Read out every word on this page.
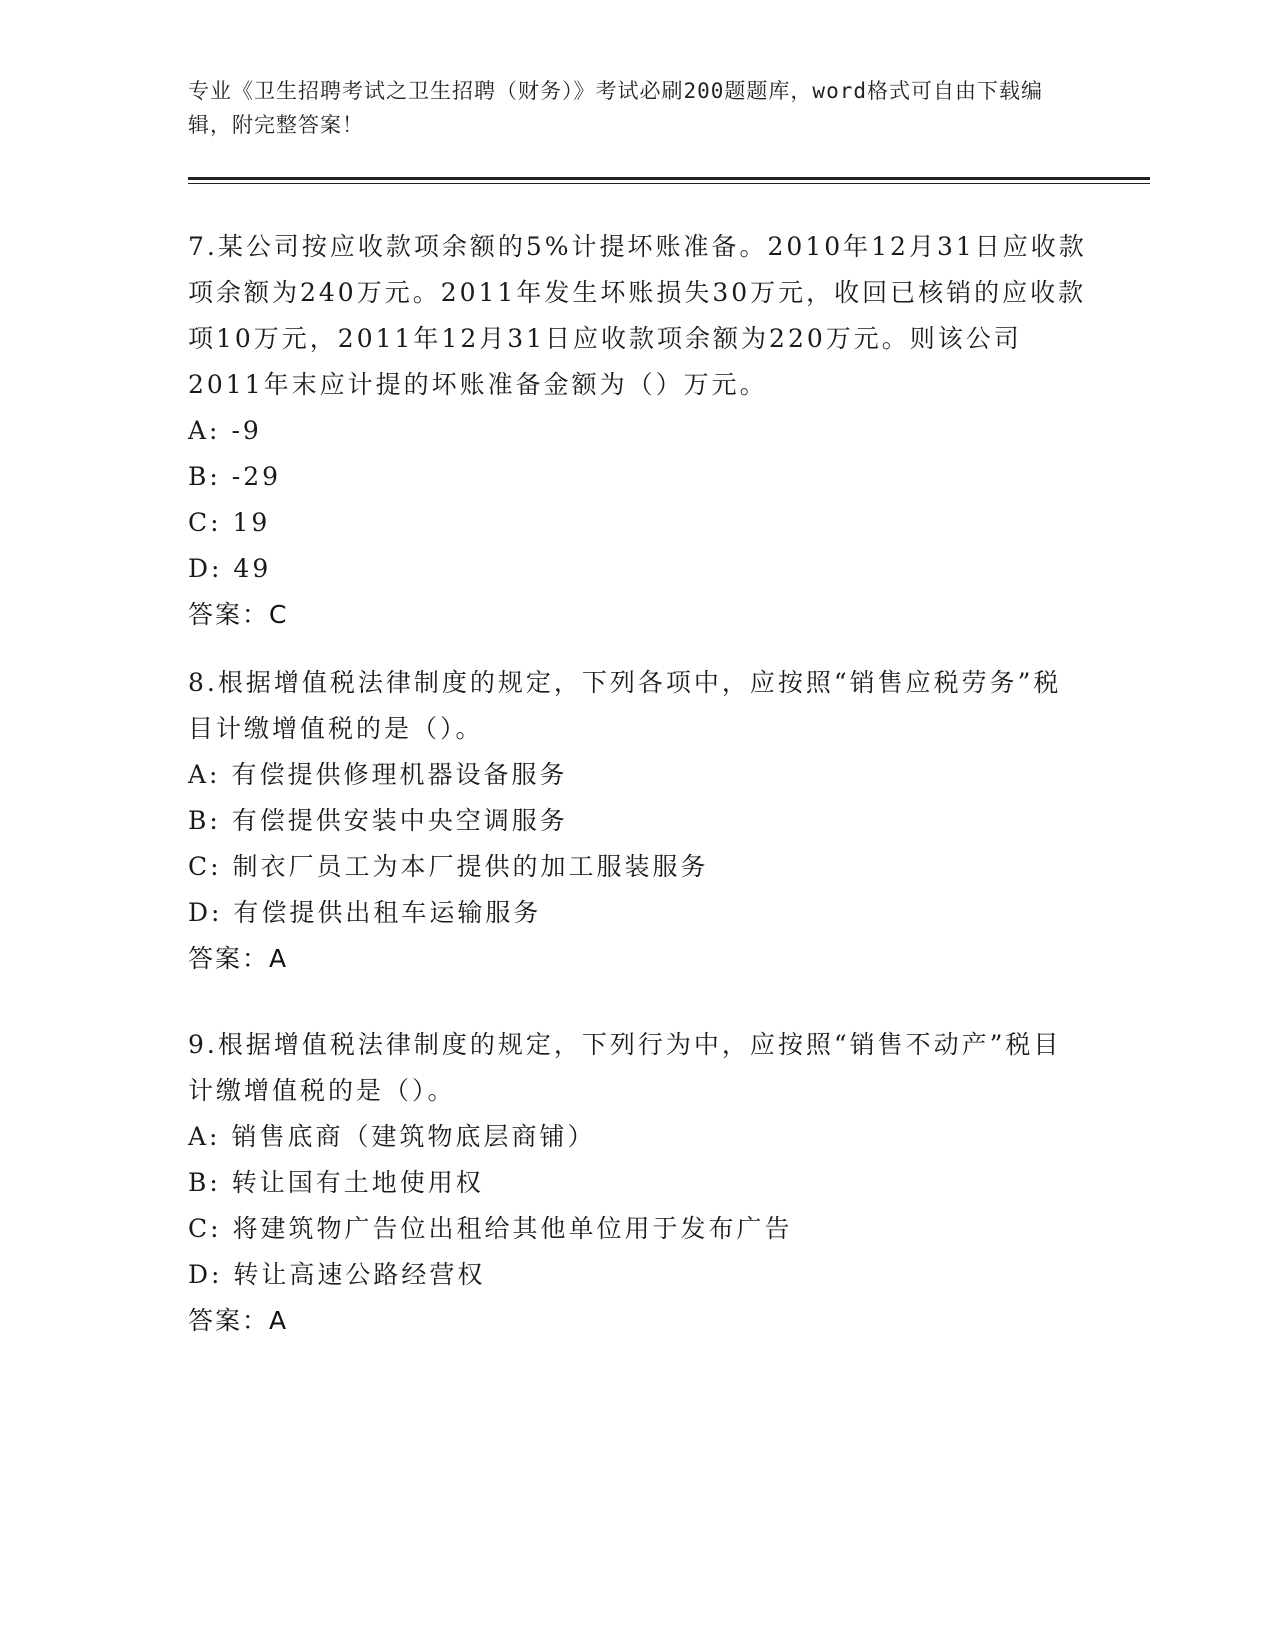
专业《卫生招聘考试之卫生招聘（财务）》考试必刷200题题库，word格式可自由下载编辑，附完整答案！

7.某公司按应收款项余额的5%计提坏账准备。2010年12月31日应收款项余额为240万元。2011年发生坏账损失30万元，收回已核销的应收款项10万元，2011年12月31日应收款项余额为220万元。则该公司2011年末应计提的坏账准备金额为（）万元。

A: -9

B: -29

C: 19

D: 49

答案：C

8.根据增值税法律制度的规定，下列各项中，应按照“销售应税劳务”税目计缴增值税的是（）。

A: 有偿提供修理机器设备服务

B: 有偿提供安装中央空调服务

C: 制衣厂员工为本厂提供的加工服装服务

D: 有偿提供出租车运输服务

答案：A

9.根据增值税法律制度的规定，下列行为中，应按照“销售不动产”税目计缴增值税的是（）。

A: 销售底商（建筑物底层商铺）

B: 转让国有土地使用权

C: 将建筑物广告位出租给其他单位用于发布广告

D: 转让高速公路经营权

答案：A
